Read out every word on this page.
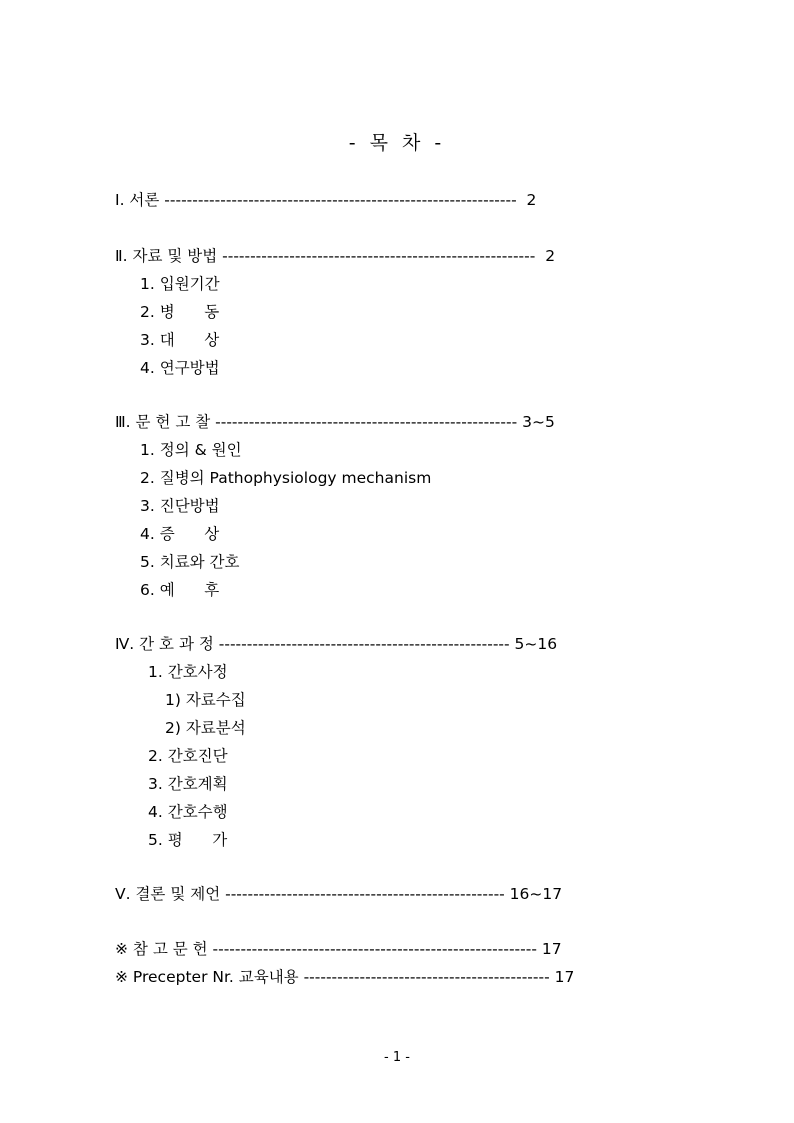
- 목 차 -
Ⅰ. 서론 ---------------------------------------------------------------  2
Ⅱ. 자료 및 방법 --------------------------------------------------------  2
1. 입원기간
2. 병      동
3. 대      상
4. 연구방법
Ⅲ. 문 헌 고 찰 ------------------------------------------------------ 3~5
1. 정의 & 원인
2. 질병의 Pathophysiology mechanism
3. 진단방법
4. 증      상
5. 치료와 간호
6. 예      후
Ⅳ. 간 호 과 정 ---------------------------------------------------- 5~16
1. 간호사정
1) 자료수집
2) 자료분석
2. 간호진단
3. 간호계획
4. 간호수행
5. 평      가
Ⅴ. 결론 및 제언 -------------------------------------------------- 16~17
※ 참 고 문 헌 ---------------------------------------------------------- 17
※ Precepter Nr. 교육내용 -------------------------------------------- 17
- 1 -
